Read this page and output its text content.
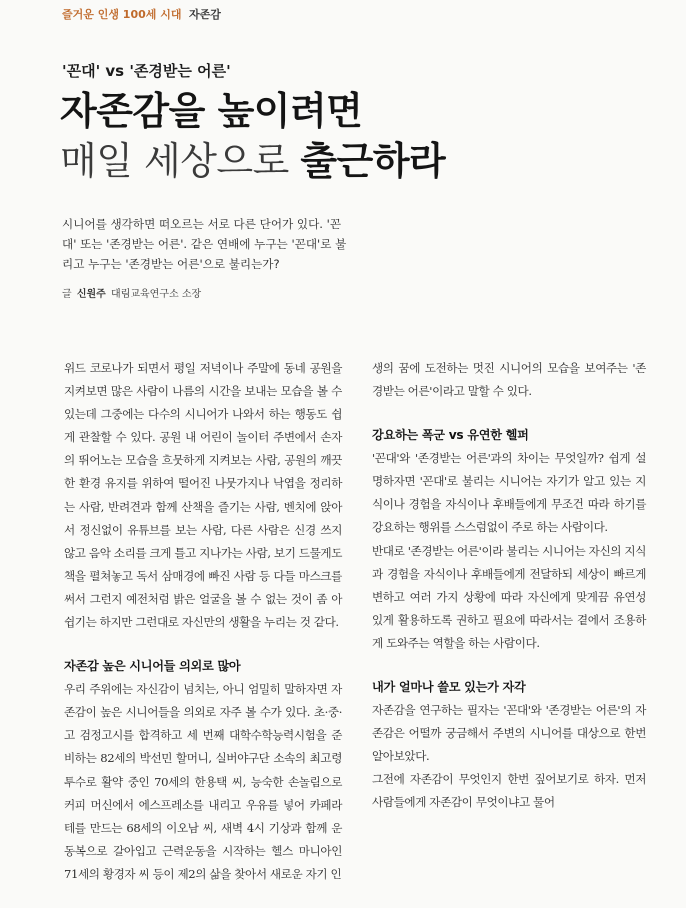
즐거운 인생 100세 시대 자존감
'꼰대' vs '존경받는 어른'
자존감을 높이려면
매일 세상으로 출근하라

시니어를 생각하면 떠오르는 서로 다른 단어가 있다. '꼰대' 또는 '존경받는 어른'. 같은 연배에 누구는 '꼰대'로 불리고 누구는 '존경받는 어른'으로 불리는가?

글 신원주 대림교육연구소 소장

위드 코로나가 되면서 평일 저녁이나 주말에 동네 공원을 지켜보면 많은 사람이 나름의 시간을 보내는 모습을 볼 수 있는데 그중에는 다수의 시니어가 나와서 하는 행동도 쉽게 관찰할 수 있다. 공원 내 어린이 놀이터 주변에서 손자의 뛰어노는 모습을 흐뭇하게 지켜보는 사람, 공원의 깨끗한 환경 유지를 위하여 떨어진 나뭇가지나 낙엽을 정리하는 사람, 반려견과 함께 산책을 즐기는 사람, 벤치에 앉아서 정신없이 유튜브를 보는 사람, 다른 사람은 신경 쓰지 않고 음악 소리를 크게 틀고 지나가는 사람, 보기 드물게도 책을 펼쳐놓고 독서 삼매경에 빠진 사람 등 다들 마스크를 써서 그런지 예전처럼 밝은 얼굴을 볼 수 없는 것이 좀 아쉽기는 하지만 그런대로 자신만의 생활을 누리는 것 같다.

자존감 높은 시니어들 의외로 많아

우리 주위에는 자신감이 넘치는, 아니 엄밀히 말하자면 자존감이 높은 시니어들을 의외로 자주 볼 수가 있다. 초·중·고 검정고시를 합격하고 세 번째 대학수학능력시험을 준비하는 82세의 박선민 할머니, 실버야구단 소속의 최고령 투수로 활약 중인 70세의 한용택 씨, 능숙한 손놀림으로 커피 머신에서 에스프레소를 내리고 우유를 넣어 카페라테를 만드는 68세의 이오남 씨, 새벽 4시 기상과 함께 운동복으로 갈아입고 근력운동을 시작하는 헬스 마니아인 71세의 황경자 씨 등이 제2의 삶을 찾아서 새로운 자기 인

생의 꿈에 도전하는 멋진 시니어의 모습을 보여주는 '존경받는 어른'이라고 말할 수 있다.

강요하는 폭군 vs 유연한 헬퍼

'꼰대'와 '존경받는 어른'과의 차이는 무엇일까? 쉽게 설명하자면 '꼰대'로 불리는 시니어는 자기가 알고 있는 지식이나 경험을 자식이나 후배들에게 무조건 따라 하기를 강요하는 행위를 스스럼없이 주로 하는 사람이다.

반대로 '존경받는 어른'이라 불리는 시니어는 자신의 지식과 경험을 자식이나 후배들에게 전달하되 세상이 빠르게 변하고 여러 가지 상황에 따라 자신에게 맞게끔 유연성 있게 활용하도록 권하고 필요에 따라서는 곁에서 조용하게 도와주는 역할을 하는 사람이다.

내가 얼마나 쓸모 있는가 자각

자존감을 연구하는 필자는 '꼰대'와 '존경받는 어른'의 자존감은 어떨까 궁금해서 주변의 시니어를 대상으로 한번 알아보았다.

그전에 자존감이 무엇인지 한번 짚어보기로 하자. 먼저 사람들에게 자존감이 무엇이냐고 물어
